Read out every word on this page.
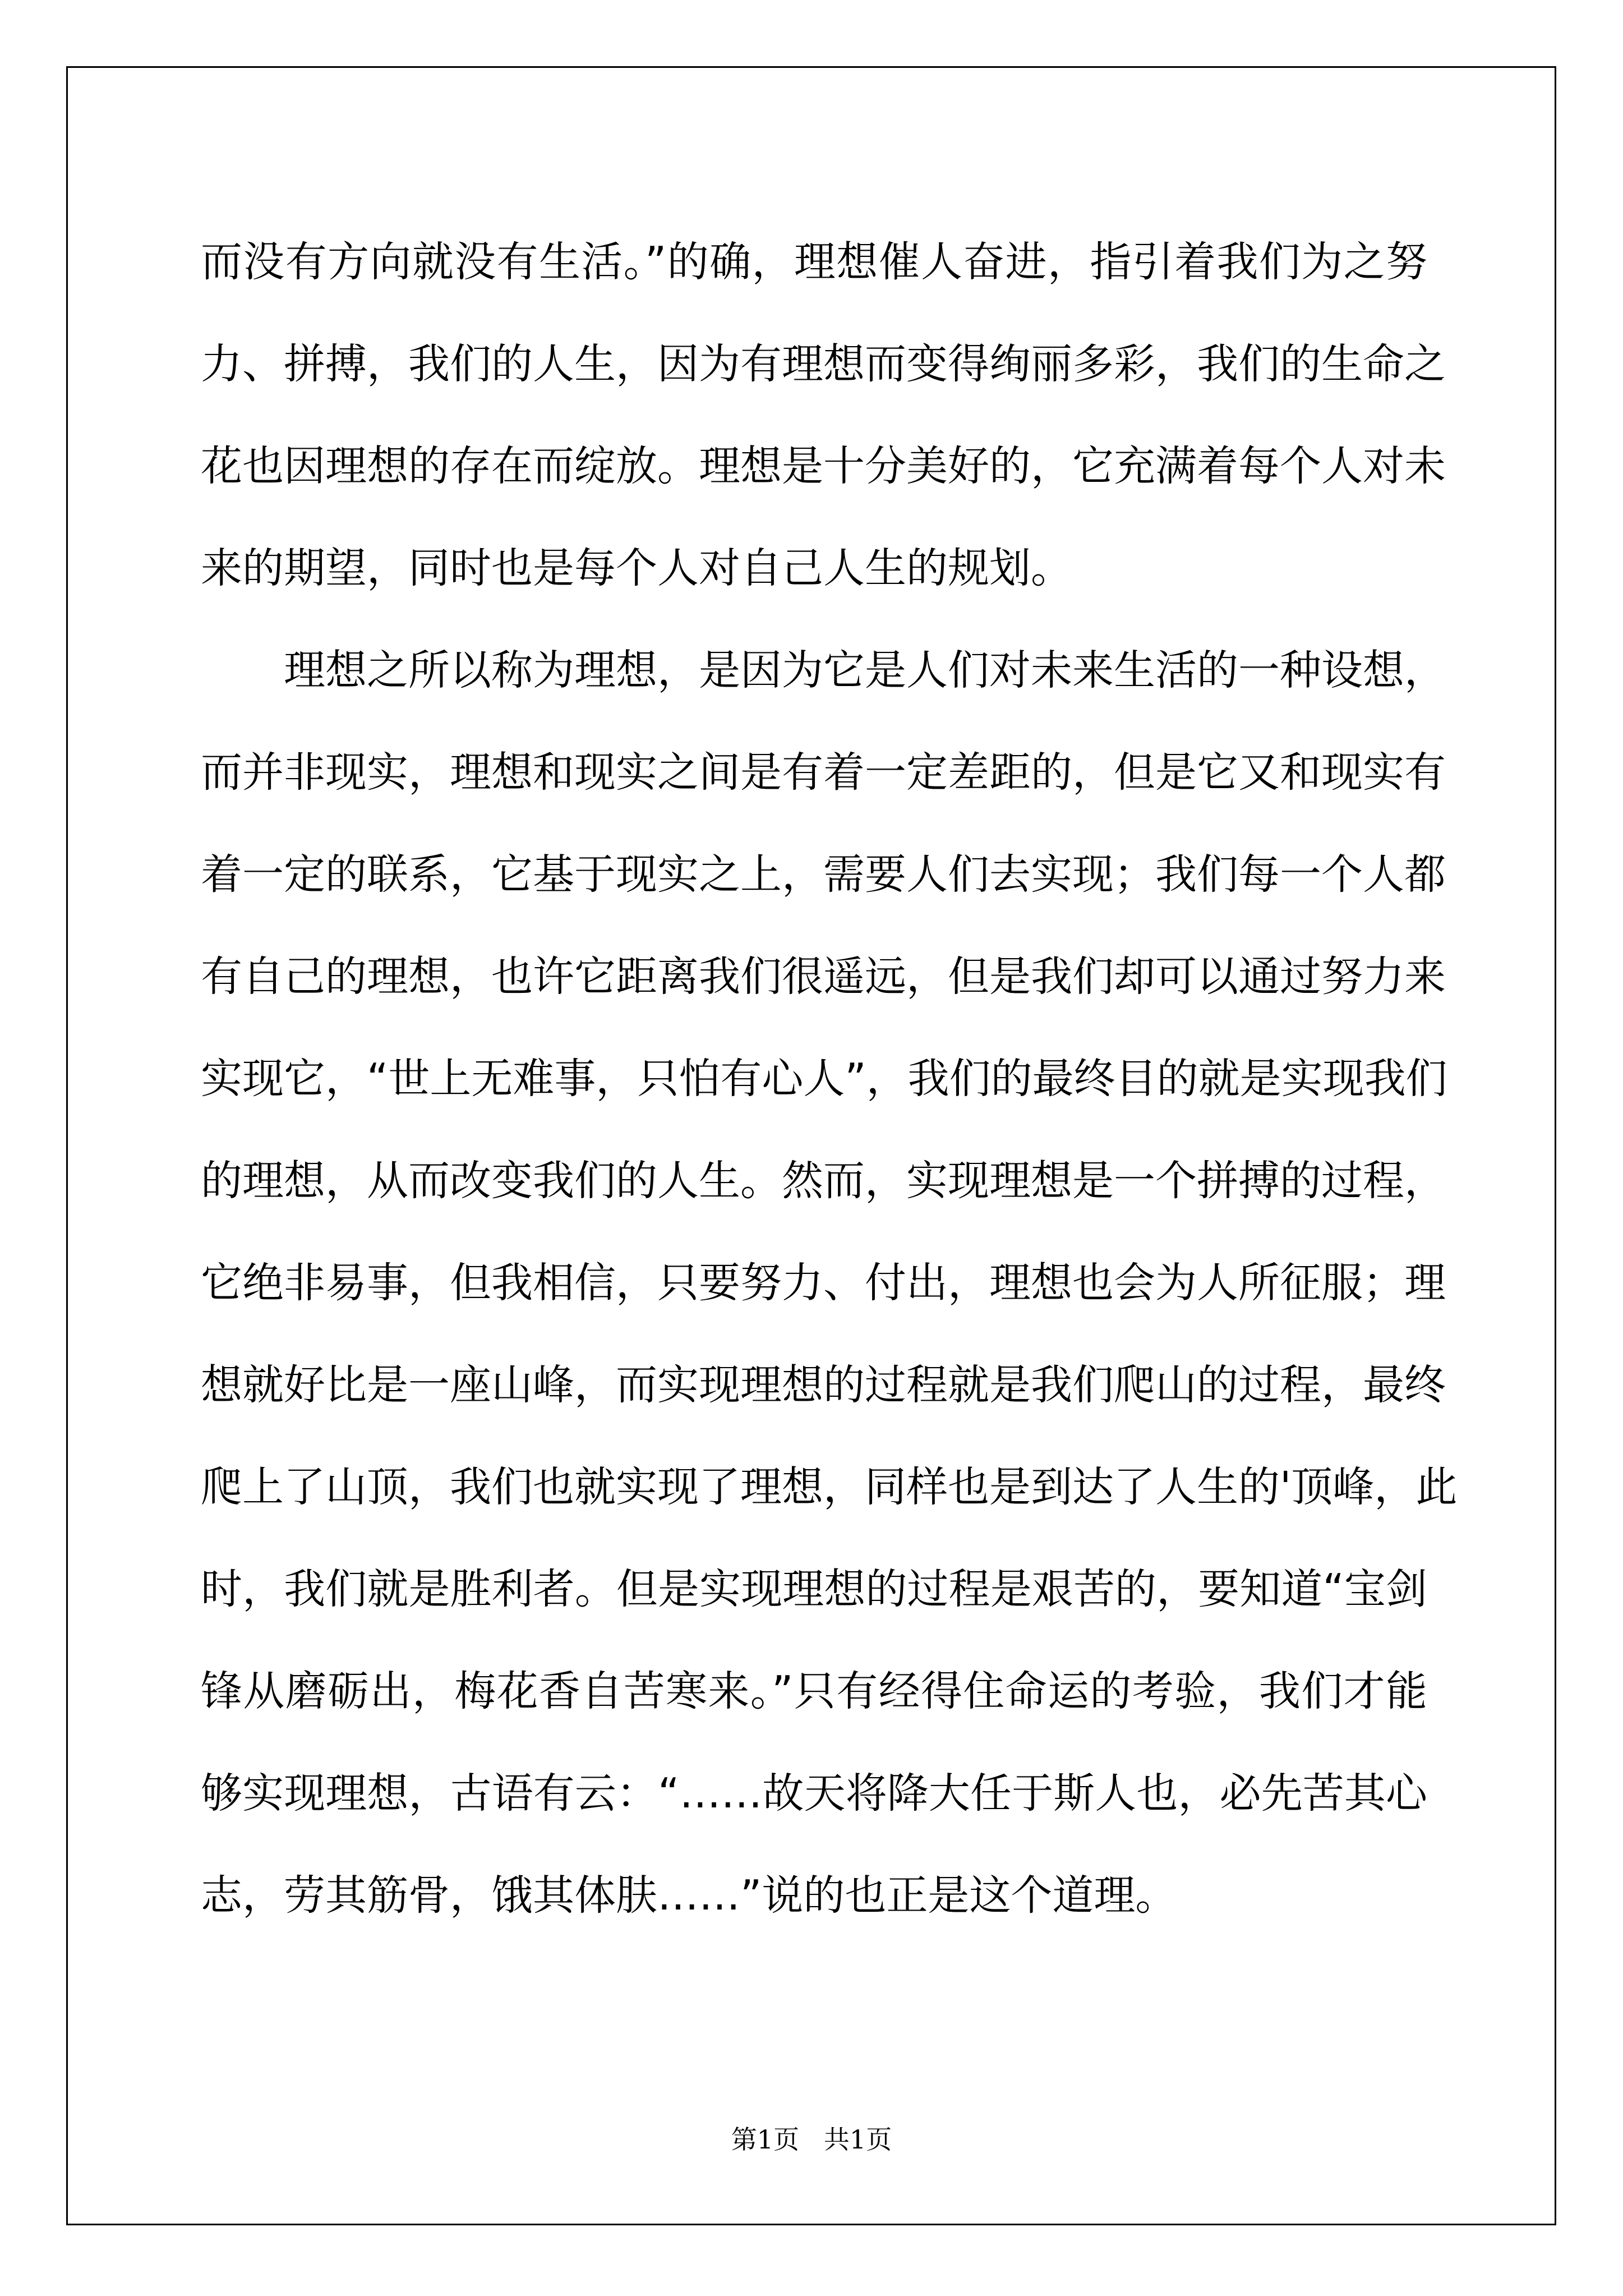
而没有方向就没有生活。”的确，理想催人奋进，指引着我们为之努
力、拼搏，我们的人生，因为有理想而变得绚丽多彩，我们的生命之
花也因理想的存在而绽放。理想是十分美好的，它充满着每个人对未
来的期望，同时也是每个人对自己人生的规划。
理想之所以称为理想，是因为它是人们对未来生活的一种设想，
而并非现实，理想和现实之间是有着一定差距的，但是它又和现实有
着一定的联系，它基于现实之上，需要人们去实现；我们每一个人都
有自己的理想，也许它距离我们很遥远，但是我们却可以通过努力来
实现它，“世上无难事，只怕有心人”，我们的最终目的就是实现我们
的理想，从而改变我们的人生。然而，实现理想是一个拼搏的过程，
它绝非易事，但我相信，只要努力、付出，理想也会为人所征服；理
想就好比是一座山峰，而实现理想的过程就是我们爬山的过程，最终
爬上了山顶，我们也就实现了理想，同样也是到达了人生的'顶峰，此
时，我们就是胜利者。但是实现理想的过程是艰苦的，要知道“宝剑
锋从磨砺出，梅花香自苦寒来。”只有经得住命运的考验，我们才能
够实现理想，古语有云：“……故天将降大任于斯人也，必先苦其心
志，劳其筋骨，饿其体肤……”说的也正是这个道理。
第1页   共1页
